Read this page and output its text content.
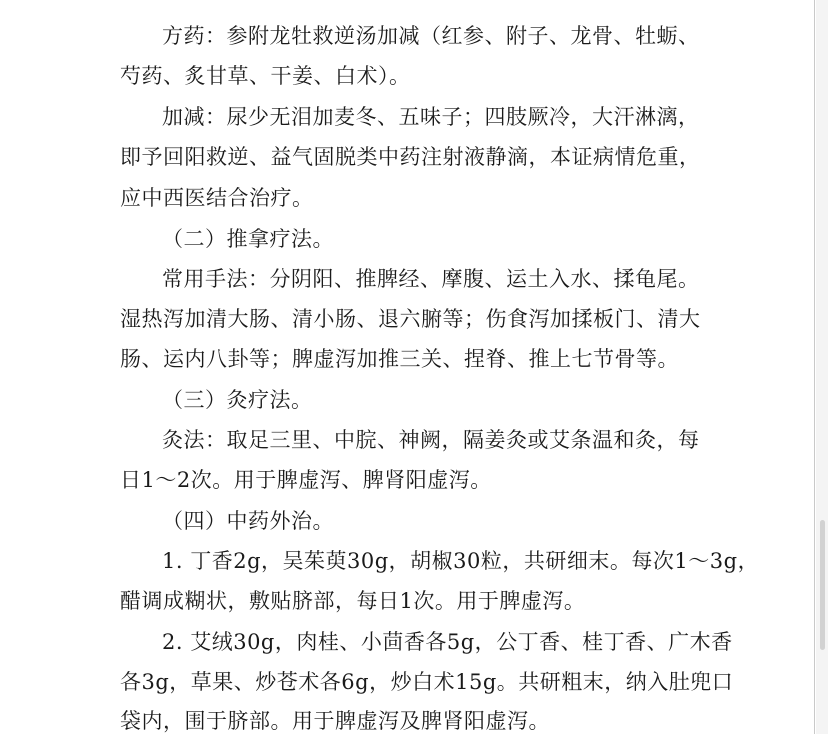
方药：参附龙牡救逆汤加减（红参、附子、龙骨、牡蛎、
芍药、炙甘草、干姜、白术）。
加减：尿少无泪加麦冬、五味子；四肢厥冷，大汗淋漓，
即予回阳救逆、益气固脱类中药注射液静滴，本证病情危重，
应中西医结合治疗。
（二）推拿疗法。
常用手法：分阴阳、推脾经、摩腹、运土入水、揉龟尾。
湿热泻加清大肠、清小肠、退六腑等；伤食泻加揉板门、清大
肠、运内八卦等；脾虚泻加推三关、捏脊、推上七节骨等。
（三）灸疗法。
灸法：取足三里、中脘、神阙，隔姜灸或艾条温和灸，每
日1～2次。用于脾虚泻、脾肾阳虚泻。
（四）中药外治。
1. 丁香2g，吴茱萸30g，胡椒30粒，共研细末。每次1～3g，
醋调成糊状，敷贴脐部，每日1次。用于脾虚泻。
2. 艾绒30g，肉桂、小茴香各5g，公丁香、桂丁香、广木香
各3g，草果、炒苍术各6g，炒白术15g。共研粗末，纳入肚兜口
袋内，围于脐部。用于脾虚泻及脾肾阳虚泻。
